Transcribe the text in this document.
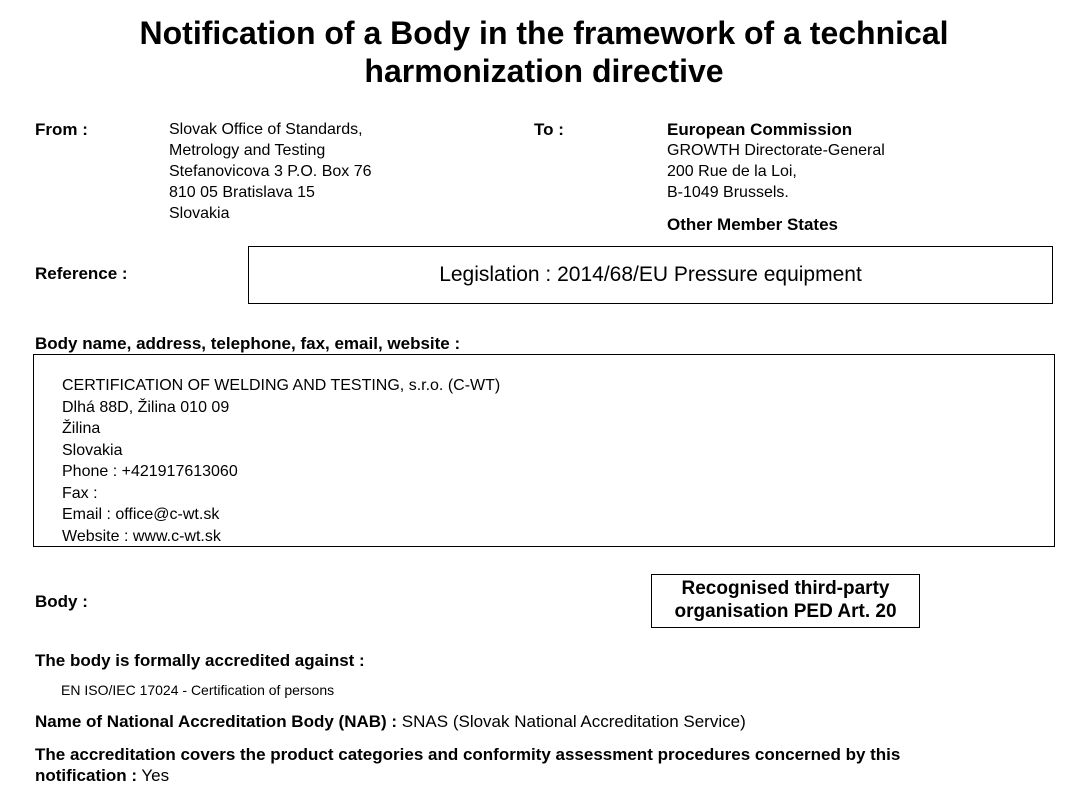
Notification of a Body in the framework of a technical
harmonization directive
From :	Slovak Office of Standards,
Metrology and Testing
Stefanovicova 3 P.O. Box 76
810 05 Bratislava 15
Slovakia
To :	European Commission
GROWTH Directorate-General
200 Rue de la Loi,
B-1049 Brussels.
Other Member States
Reference :	Legislation : 2014/68/EU Pressure equipment
Body name, address, telephone, fax, email, website :
CERTIFICATION OF WELDING AND TESTING, s.r.o. (C-WT)
Dlhá 88D, Žilina 010 09
Žilina
Slovakia
Phone : +421917613060
Fax :
Email : office@c-wt.sk
Website : www.c-wt.sk
Body :
Recognised third-party
organisation PED Art. 20
The body is formally accredited against :
EN ISO/IEC 17024 - Certification of persons
Name of National Accreditation Body (NAB) : SNAS (Slovak National Accreditation Service)
The accreditation covers the product categories and conformity assessment procedures concerned by this
notification : Yes
